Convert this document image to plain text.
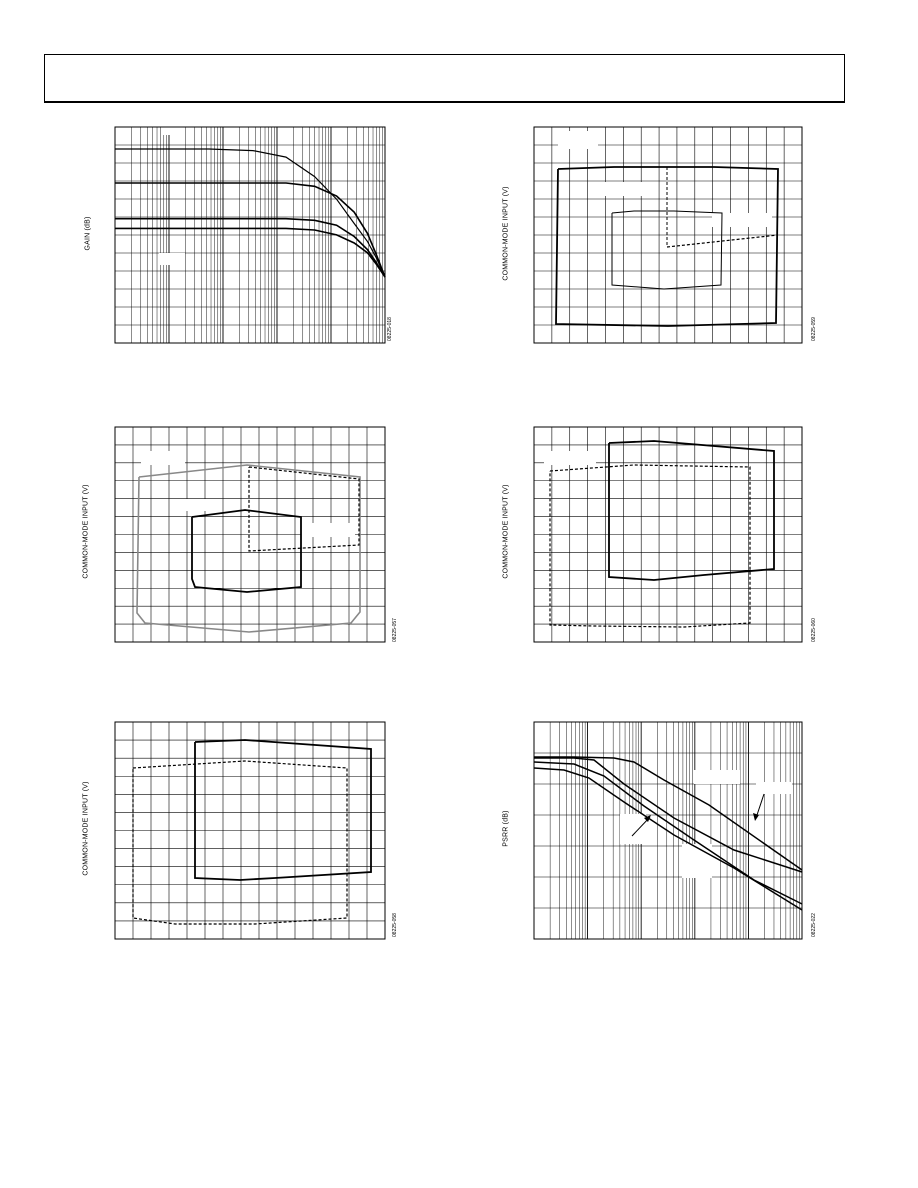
GAIN (dB)
08225-018
COMMON-MODE INPUT (V)
08225-059
COMMON-MODE INPUT (V)
08225-057
COMMON-MODE INPUT (V)
08225-060
COMMON-MODE INPUT (V)
08225-058
PSRR (dB)
08225-022
